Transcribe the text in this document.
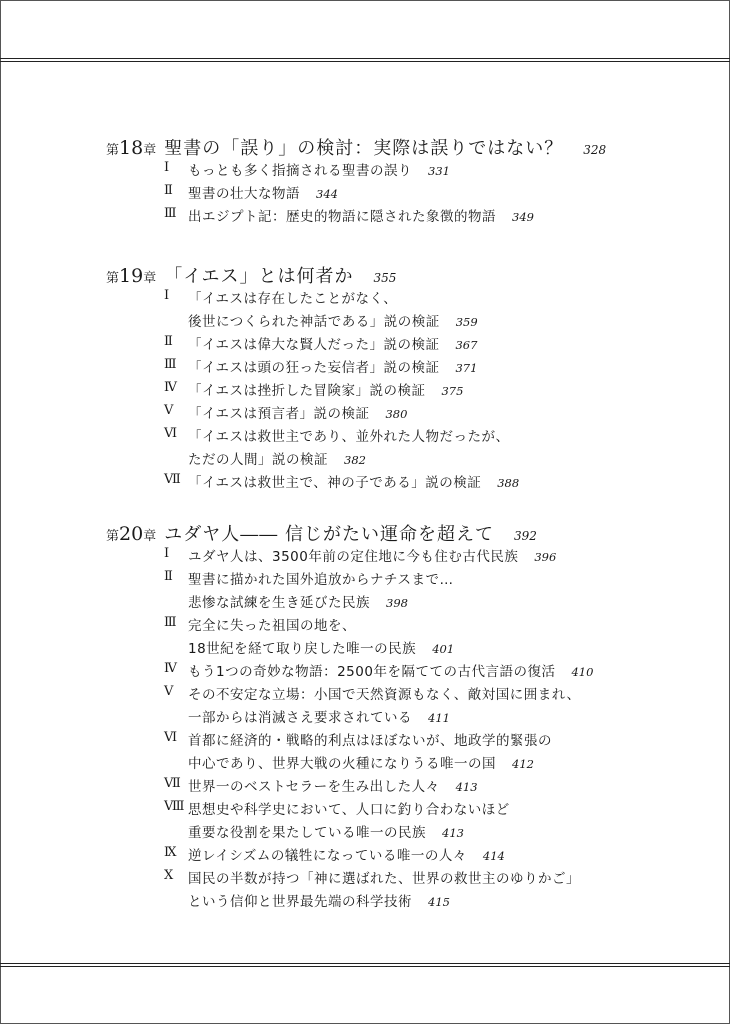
第18章 聖書の「誤り」の検討：実際は誤りではない？ 328
Ⅰ	もっとも多く指摘される聖書の誤り 331
Ⅱ	聖書の壮大な物語 344
Ⅲ 出エジプト記：歴史的物語に隠された象徴的物語 349
第19章 「イエス」とは何者か 355
Ⅰ	「イエスは存在したことがなく、
後世につくられた神話である」説の検証 359
Ⅱ	「イエスは偉大な賢人だった」説の検証 367
Ⅲ 「イエスは頭の狂った妄信者」説の検証 371
Ⅳ 「イエスは挫折した冒険家」説の検証 375
Ⅴ	「イエスは預言者」説の検証 380
Ⅵ 「イエスは救世主であり、並外れた人物だったが、
ただの人間」説の検証 382
Ⅶ 「イエスは救世主で、神の子である」説の検証 388
第20章 ユダヤ人―― 信じがたい運命を超えて 392
Ⅰ	ユダヤ人は、3500年前の定住地に今も住む古代民族 396
Ⅱ	聖書に描かれた国外追放からナチスまで…
悲惨な試練を生き延びた民族 398
Ⅲ 完全に失った祖国の地を、
18世紀を経て取り戻した唯一の民族 401
Ⅳ もう1つの奇妙な物語：2500年を隔てての古代言語の復活 410
Ⅴ	その不安定な立場：小国で天然資源もなく、敵対国に囲まれ、
一部からは消滅さえ要求されている 411
Ⅵ 首都に経済的・戦略的利点はほぼないが、地政学的緊張の
中心であり、世界大戦の火種になりうる唯一の国 412
Ⅶ 世界一のベストセラーを生み出した人々 413
Ⅷ 思想史や科学史において、人口に釣り合わないほど
重要な役割を果たしている唯一の民族 413
Ⅸ 逆レイシズムの犠牲になっている唯一の人々 414
Ⅹ	国民の半数が持つ「神に選ばれた、世界の救世主のゆりかご」
という信仰と世界最先端の科学技術 415
